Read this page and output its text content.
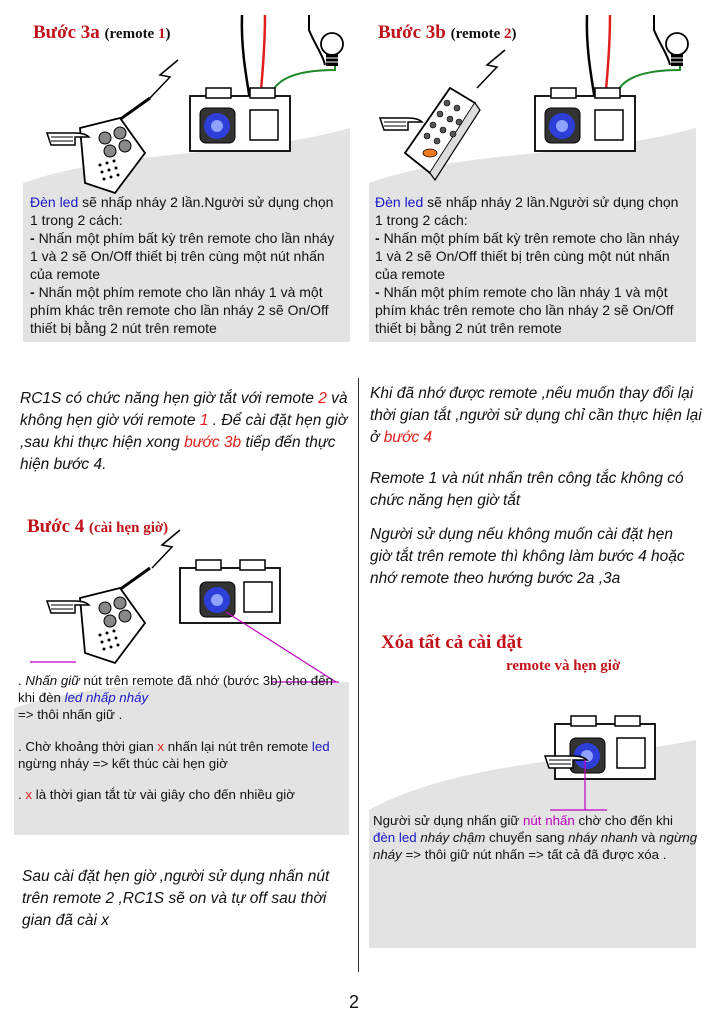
Bước 3a (remote 1)
Đèn led sẽ nhấp nháy 2 lần.Người sử dụng chọn 1 trong 2 cách:
- Nhấn một phím bất kỳ trên remote cho lần nháy 1 và 2 sẽ On/Off thiết bị trên cùng một nút nhấn của remote
- Nhấn một phím remote cho lần nháy 1 và một phím khác trên remote cho lần nháy 2 sẽ On/Off thiết bị bằng 2 nút trên remote
Bước 3b (remote 2)
Đèn led sẽ nhấp nháy 2 lần.Người sử dụng chọn 1 trong 2 cách:
- Nhấn một phím bất kỳ trên remote cho lần nháy 1 và 2 sẽ On/Off thiết bị trên cùng một nút nhấn của remote
- Nhấn một phím remote cho lần nháy 1 và một phím khác trên remote cho lần nháy 2 sẽ On/Off thiết bị bằng 2 nút trên remote
RC1S có chức năng hẹn giờ tắt với remote 2 và không hẹn giờ với remote 1 . Để cài đặt hẹn giờ ,sau khi thực hiện xong bước 3b tiếp đến thực hiện bước 4.
Khi đã nhớ được remote ,nếu muốn thay đổi lại thời gian tắt ,người sử dụng chỉ cần thực hiện lại ở bước 4
Remote 1 và nút nhấn trên công tắc không có chức năng hẹn giờ tắt
Người sử dụng nếu không muốn cài đặt hẹn giờ tắt trên remote thì không làm bước 4 hoặc nhớ remote theo hướng bước 2a ,3a
Bước 4 (cài hẹn giờ)
. Nhấn giữ nút trên remote đã nhớ (bước 3b) cho đến khi đèn led nhấp nháy
=> thôi nhấn giữ .
. Chờ khoảng thời gian x nhấn lại nút trên remote led ngừng nháy => kết thúc cài hẹn giờ
. x là thời gian tắt từ vài giây cho đến nhiều giờ
Sau cài đặt hẹn giờ ,người sử dụng nhấn nút trên remote 2 ,RC1S sẽ on và tự off sau thời gian đã cài x
Xóa tất cả cài đặt
remote và hẹn giờ
Người sử dụng nhấn giữ nút nhấn chờ cho đến khi đèn led nháy chậm chuyển sang nháy nhanh và ngừng nháy => thôi giữ nút nhấn => tất cả đã được xóa .
2
